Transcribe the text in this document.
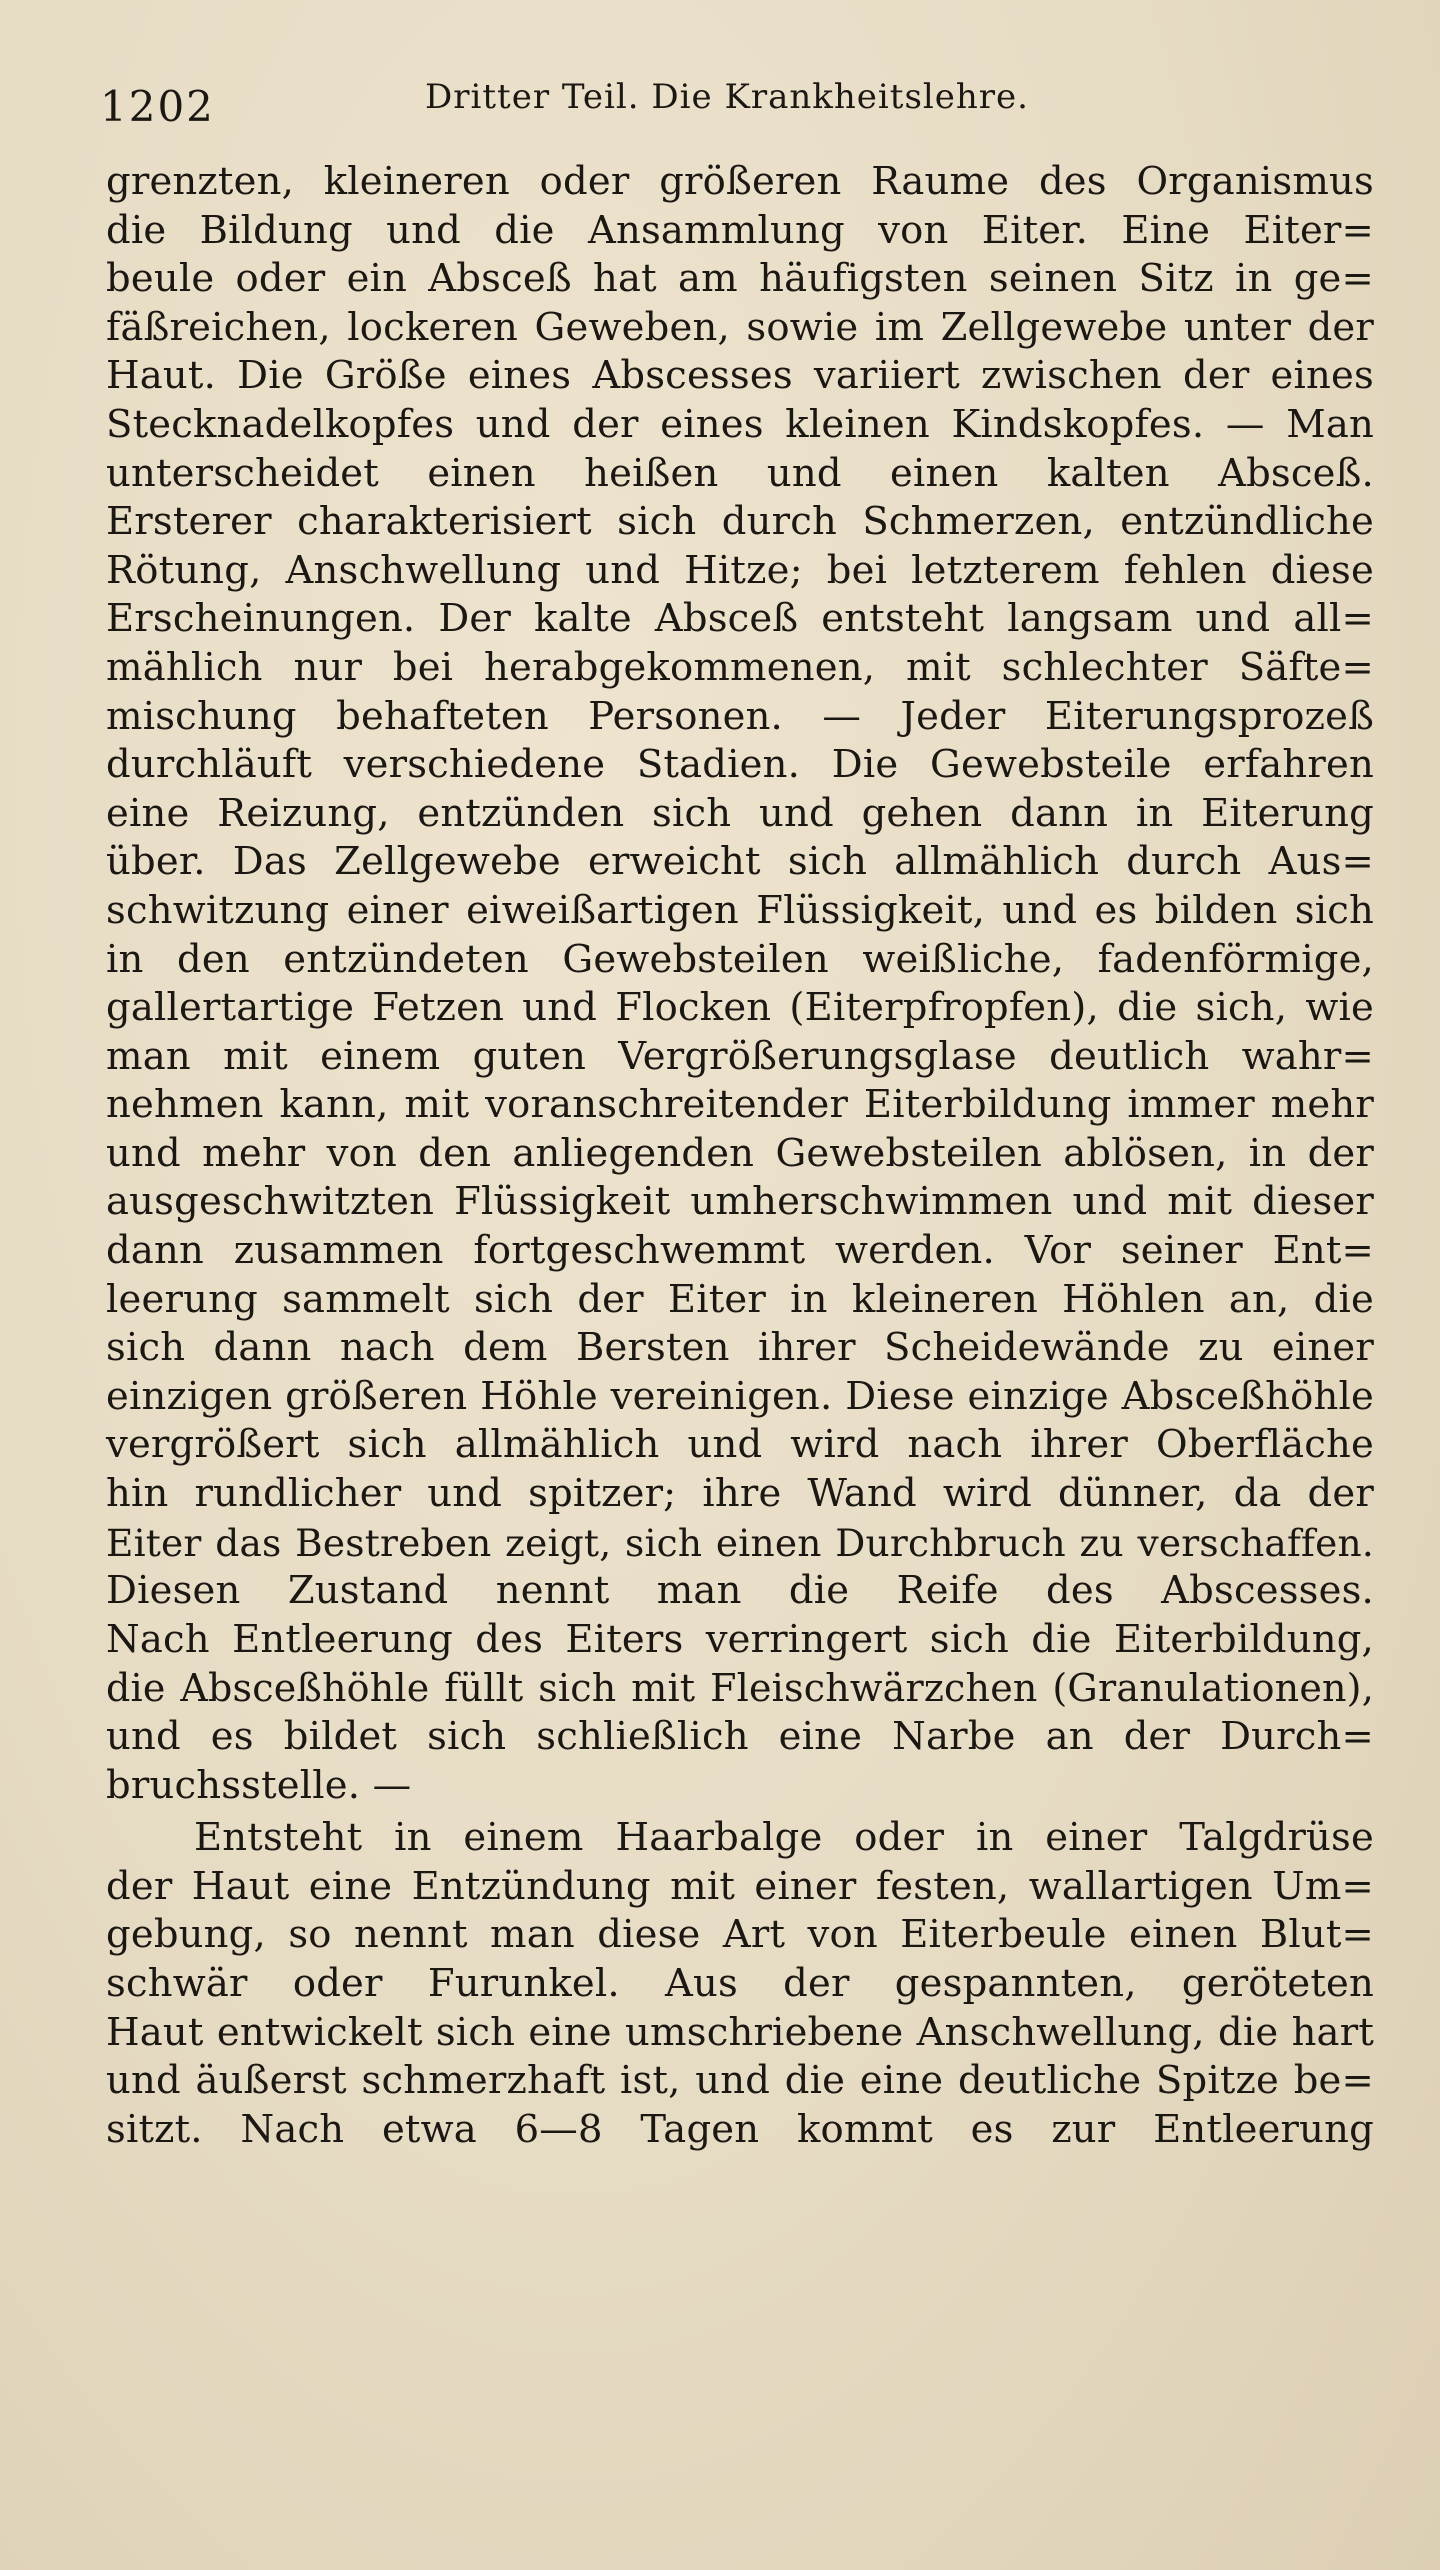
1202	Dritter Teil. Die Krankheitslehre.
grenzten, kleineren oder größeren Raume des Organismus
die Bildung und die Ansammlung von Eiter. Eine Eiter=
beule oder ein Absceß hat am häufigsten seinen Sitz in ge=
fäßreichen, lockeren Geweben, sowie im Zellgewebe unter der
Haut. Die Größe eines Abscesses variiert zwischen der eines
Stecknadelkopfes und der eines kleinen Kindskopfes. — Man
unterscheidet einen heißen und einen kalten Absceß.
Ersterer charakterisiert sich durch Schmerzen, entzündliche
Rötung, Anschwellung und Hitze; bei letzterem fehlen diese
Erscheinungen. Der kalte Absceß entsteht langsam und all=
mählich nur bei herabgekommenen, mit schlechter Säfte=
mischung behafteten Personen. — Jeder Eiterungsprozeß
durchläuft verschiedene Stadien. Die Gewebsteile erfahren
eine Reizung, entzünden sich und gehen dann in Eiterung
über. Das Zellgewebe erweicht sich allmählich durch Aus=
schwitzung einer eiweißartigen Flüssigkeit, und es bilden sich
in den entzündeten Gewebsteilen weißliche, fadenförmige,
gallertartige Fetzen und Flocken (Eiterpfropfen), die sich, wie
man mit einem guten Vergrößerungsglase deutlich wahr=
nehmen kann, mit voranschreitender Eiterbildung immer mehr
und mehr von den anliegenden Gewebsteilen ablösen, in der
ausgeschwitzten Flüssigkeit umherschwimmen und mit dieser
dann zusammen fortgeschwemmt werden. Vor seiner Ent=
leerung sammelt sich der Eiter in kleineren Höhlen an, die
sich dann nach dem Bersten ihrer Scheidewände zu einer
einzigen größeren Höhle vereinigen. Diese einzige Absceßhöhle
vergrößert sich allmählich und wird nach ihrer Oberfläche
hin rundlicher und spitzer; ihre Wand wird dünner, da der
Eiter das Bestreben zeigt, sich einen Durchbruch zu verschaffen.
Diesen Zustand nennt man die Reife des Abscesses.
Nach Entleerung des Eiters verringert sich die Eiterbildung,
die Absceßhöhle füllt sich mit Fleischwärzchen (Granulationen),
und es bildet sich schließlich eine Narbe an der Durch=
bruchsstelle. —
Entsteht in einem Haarbalge oder in einer Talgdrüse
der Haut eine Entzündung mit einer festen, wallartigen Um=
gebung, so nennt man diese Art von Eiterbeule einen Blut=
schwär oder Furunkel. Aus der gespannten, geröteten
Haut entwickelt sich eine umschriebene Anschwellung, die hart
und äußerst schmerzhaft ist, und die eine deutliche Spitze be=
sitzt. Nach etwa 6—8 Tagen kommt es zur Entleerung
